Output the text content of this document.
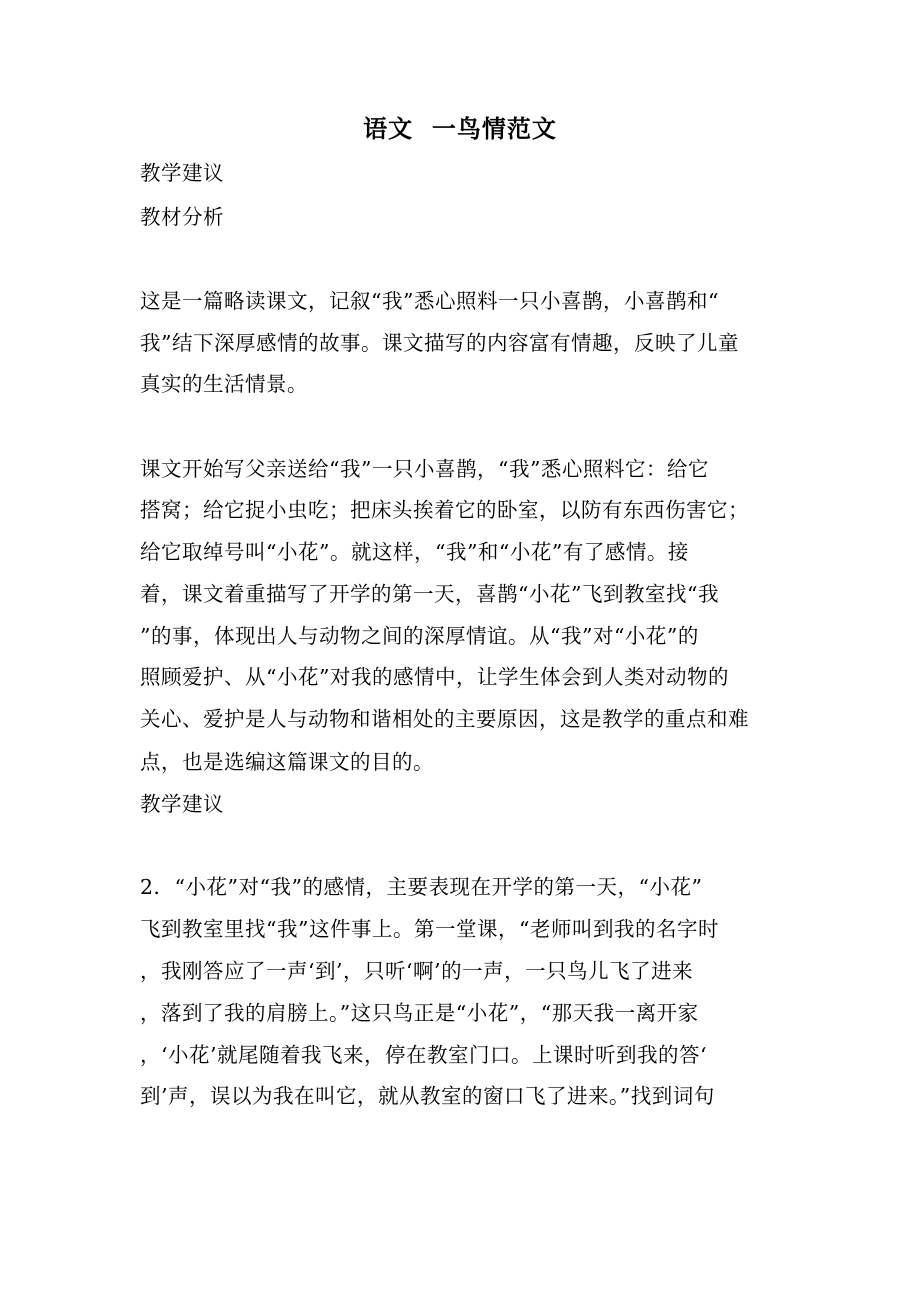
语文  一鸟情范文
教学建议
教材分析
这是一篇略读课文，记叙“我”悉心照料一只小喜鹊，小喜鹊和“
我”结下深厚感情的故事。课文描写的内容富有情趣，反映了儿童
真实的生活情景。
课文开始写父亲送给“我”一只小喜鹊，“我”悉心照料它：给它
搭窝；给它捉小虫吃；把床头挨着它的卧室，以防有东西伤害它；
给它取绰号叫“小花”。就这样，“我”和“小花”有了感情。接
着，课文着重描写了开学的第一天，喜鹊“小花”飞到教室找“我
”的事，体现出人与动物之间的深厚情谊。从“我”对“小花”的
照顾爱护、从“小花”对我的感情中，让学生体会到人类对动物的
关心、爱护是人与动物和谐相处的主要原因，这是教学的重点和难
点，也是选编这篇课文的目的。
教学建议
2．“小花”对“我”的感情，主要表现在开学的第一天，“小花”
飞到教室里找“我”这件事上。第一堂课，“老师叫到我的名字时
，我刚答应了一声‘到’，只听‘啊’的一声，一只鸟儿飞了进来
，落到了我的肩膀上。”这只鸟正是“小花”，“那天我一离开家
，‘小花’就尾随着我飞来，停在教室门口。上课时听到我的答‘
到’声，误以为我在叫它，就从教室的窗口飞了进来。”找到词句
